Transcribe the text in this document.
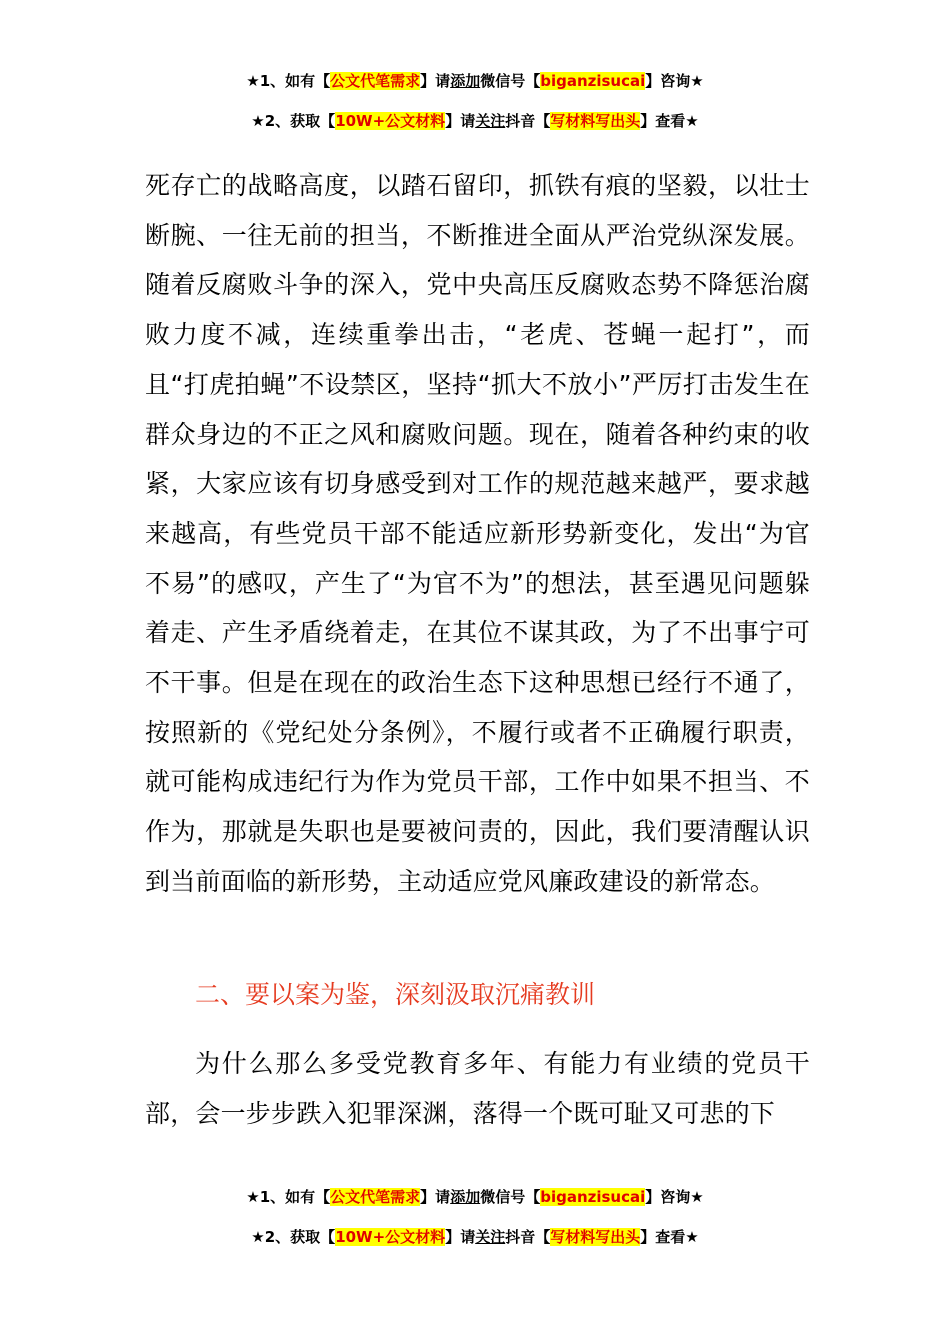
★1、如有【公文代笔需求】请添加微信号【biganzisucai】咨询★
★2、获取【10W+公文材料】请关注抖音【写材料写出头】查看★
死存亡的战略高度，以踏石留印，抓铁有痕的坚毅，以壮士断腕、一往无前的担当，不断推进全面从严治党纵深发展。随着反腐败斗争的深入，党中央高压反腐败态势不降惩治腐败力度不减，连续重拳出击，“老虎、苍蝇一起打”，而且“打虎拍蝇”不设禁区，坚持“抓大不放小”严厉打击发生在群众身边的不正之风和腐败问题。现在，随着各种约束的收紧，大家应该有切身感受到对工作的规范越来越严，要求越来越高，有些党员干部不能适应新形势新变化，发出“为官不易”的感叹，产生了“为官不为”的想法，甚至遇见问题躲着走、产生矛盾绕着走，在其位不谋其政，为了不出事宁可不干事。但是在现在的政治生态下这种思想已经行不通了，按照新的《党纪处分条例》，不履行或者不正确履行职责，就可能构成违纪行为作为党员干部，工作中如果不担当、不作为，那就是失职也是要被问责的，因此，我们要清醒认识到当前面临的新形势，主动适应党风廉政建设的新常态。
二、要以案为鉴，深刻汲取沉痛教训
为什么那么多受党教育多年、有能力有业绩的党员干部，会一步步跌入犯罪深渊，落得一个既可耻又可悲的下
★1、如有【公文代笔需求】请添加微信号【biganzisucai】咨询★
★2、获取【10W+公文材料】请关注抖音【写材料写出头】查看★
